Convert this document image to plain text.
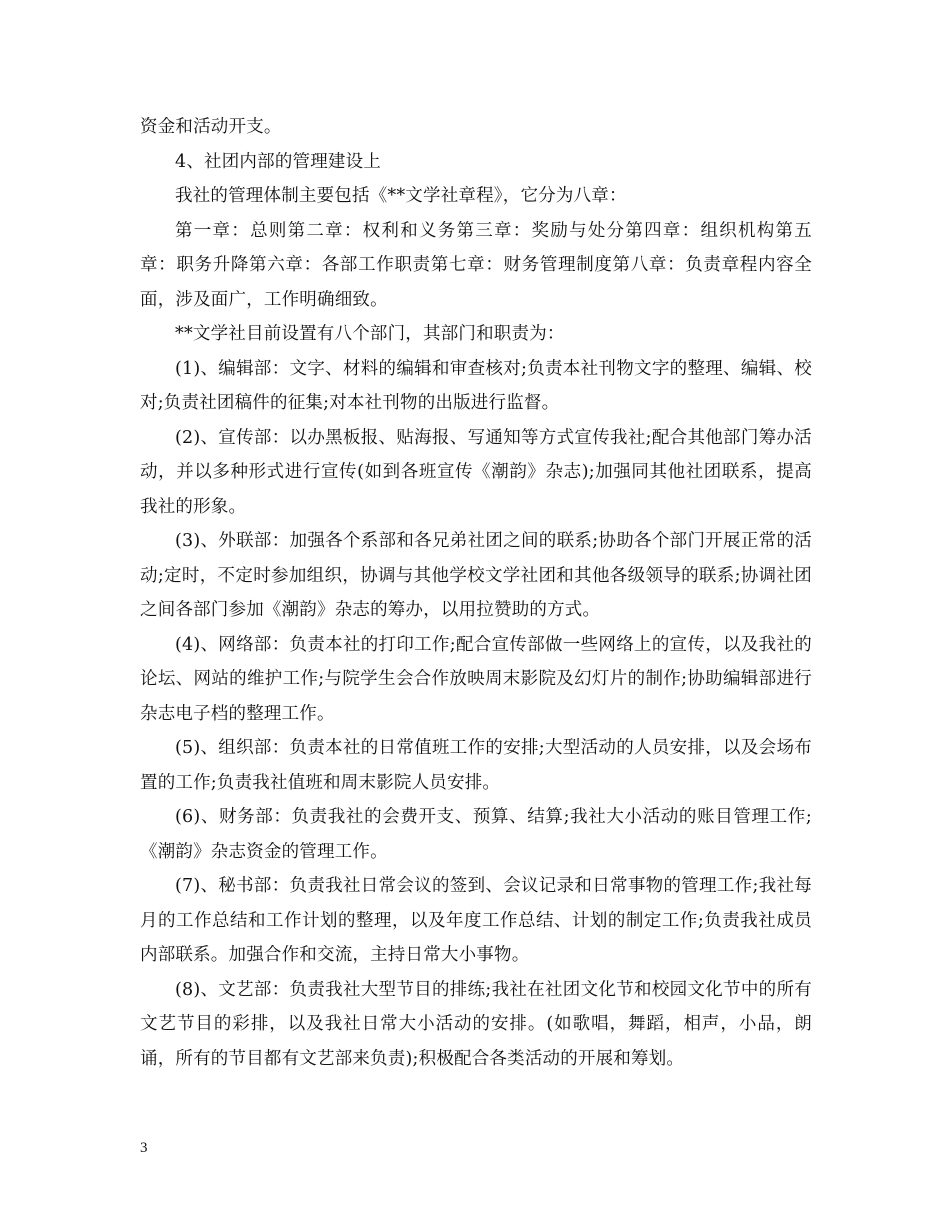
资金和活动开支。

4、社团内部的管理建设上

我社的管理体制主要包括《**文学社章程》，它分为八章：

第一章：总则第二章：权利和义务第三章：奖励与处分第四章：组织机构第五章：职务升降第六章：各部工作职责第七章：财务管理制度第八章：负责章程内容全面，涉及面广，工作明确细致。

**文学社目前设置有八个部门，其部门和职责为：

(1)、编辑部：文字、材料的编辑和审查核对;负责本社刊物文字的整理、编辑、校对;负责社团稿件的征集;对本社刊物的出版进行监督。

(2)、宣传部：以办黑板报、贴海报、写通知等方式宣传我社;配合其他部门筹办活动，并以多种形式进行宣传(如到各班宣传《潮韵》杂志);加强同其他社团联系，提高我社的形象。

(3)、外联部：加强各个系部和各兄弟社团之间的联系;协助各个部门开展正常的活动;定时，不定时参加组织，协调与其他学校文学社团和其他各级领导的联系;协调社团之间各部门参加《潮韵》杂志的筹办，以用拉赞助的方式。

(4)、网络部：负责本社的打印工作;配合宣传部做一些网络上的宣传，以及我社的论坛、网站的维护工作;与院学生会合作放映周末影院及幻灯片的制作;协助编辑部进行杂志电子档的整理工作。

(5)、组织部：负责本社的日常值班工作的安排;大型活动的人员安排，以及会场布置的工作;负责我社值班和周末影院人员安排。

(6)、财务部：负责我社的会费开支、预算、结算;我社大小活动的账目管理工作;《潮韵》杂志资金的管理工作。

(7)、秘书部：负责我社日常会议的签到、会议记录和日常事物的管理工作;我社每月的工作总结和工作计划的整理，以及年度工作总结、计划的制定工作;负责我社成员内部联系。加强合作和交流，主持日常大小事物。

(8)、文艺部：负责我社大型节目的排练;我社在社团文化节和校园文化节中的所有文艺节目的彩排，以及我社日常大小活动的安排。(如歌唱，舞蹈，相声，小品，朗诵，所有的节目都有文艺部来负责);积极配合各类活动的开展和筹划。

3
